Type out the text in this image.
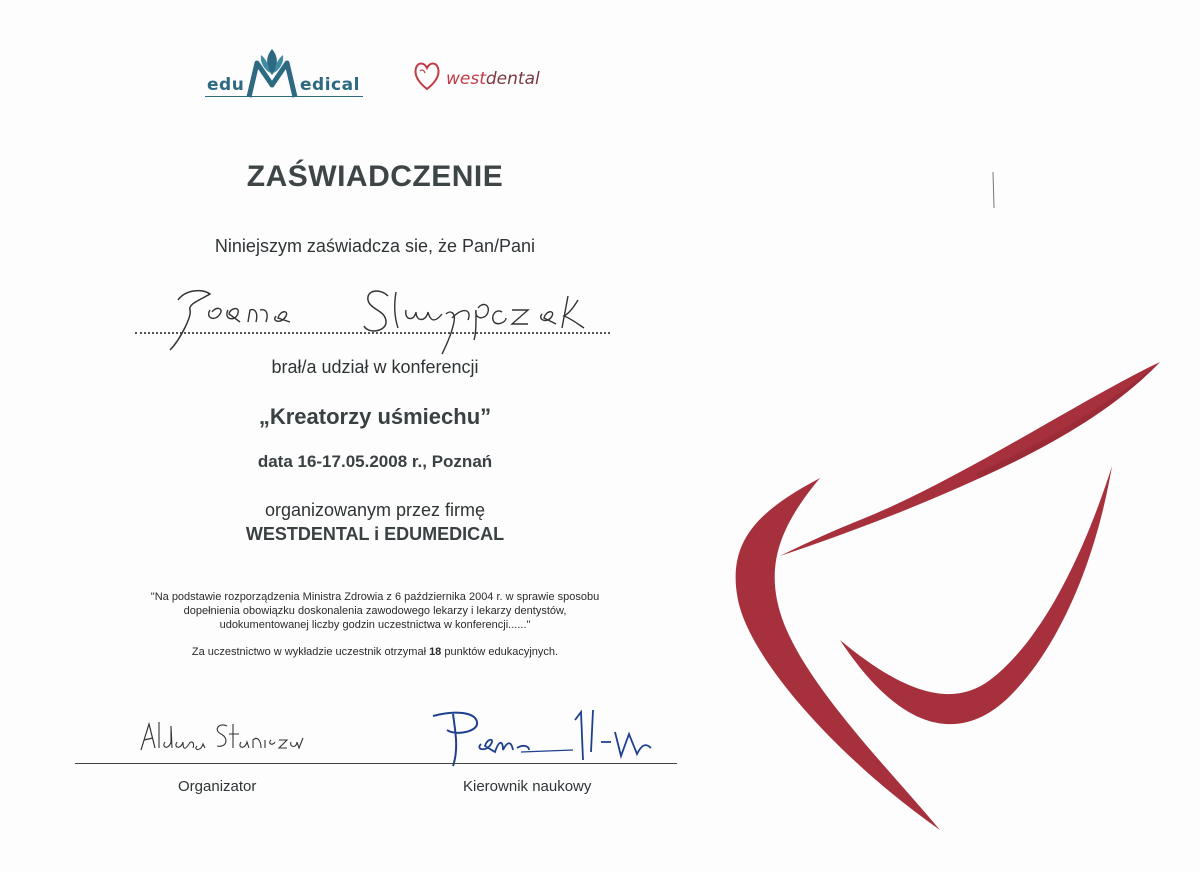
edu	edical	westdental
ZAŚWIADCZENIE
Niniejszym zaświadcza sie, że Pan/Pani
brał/a udział w konferencji
„Kreatorzy uśmiechu”
data 16-17.05.2008 r., Poznań
organizowanym przez firmę
WESTDENTAL i EDUMEDICAL
"Na podstawie rozporządzenia Ministra Zdrowia z 6 października 2004 r. w sprawie sposobu
dopełnienia obowiązku doskonalenia zawodowego lekarzy i lekarzy dentystów,
udokumentowanej liczby godzin uczestnictwa w konferencji......"
Za uczestnictwo w wykładzie uczestnik otrzymał 18 punktów edukacyjnych.
Organizator	Kierownik naukowy
